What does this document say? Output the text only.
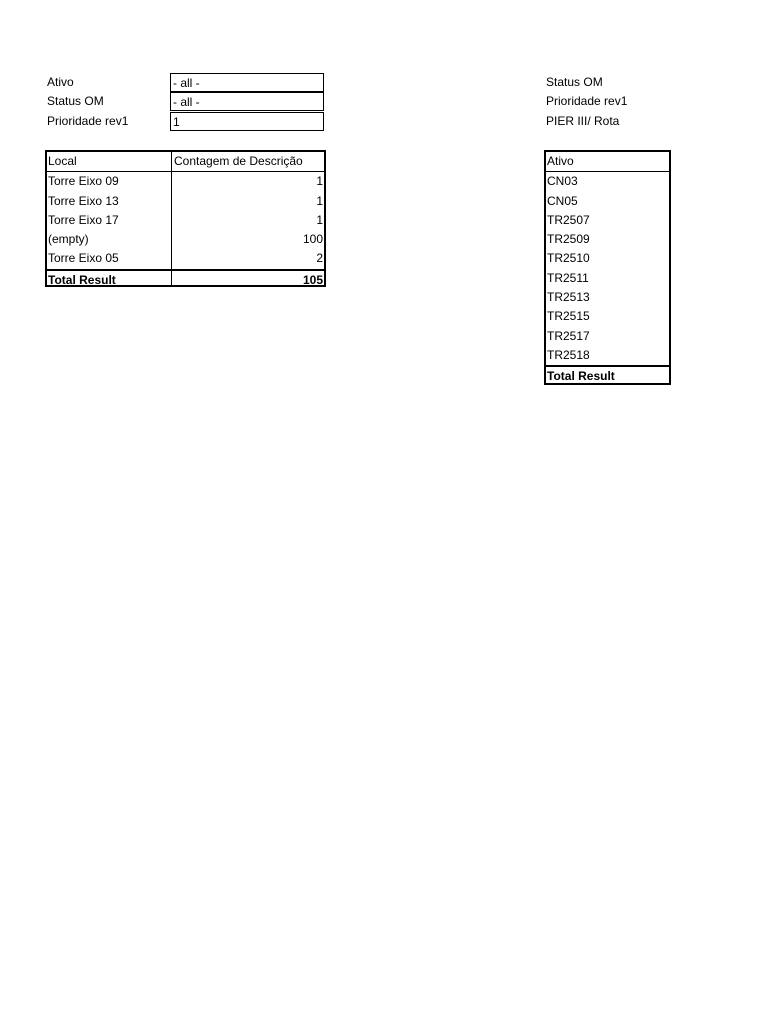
Ativo	- all -
Status OM	- all -
Prioridade rev1	1
Status OM
Prioridade rev1
PIER III/ Rota
Local	Contagem de Descrição
Torre Eixo 09	1
Torre Eixo 13	1
Torre Eixo 17	1
(empty)	100
Torre Eixo 05	2
Total Result	105
Ativo
CN03
CN05
TR2507
TR2509
TR2510
TR2511
TR2513
TR2515
TR2517
TR2518
Total Result
